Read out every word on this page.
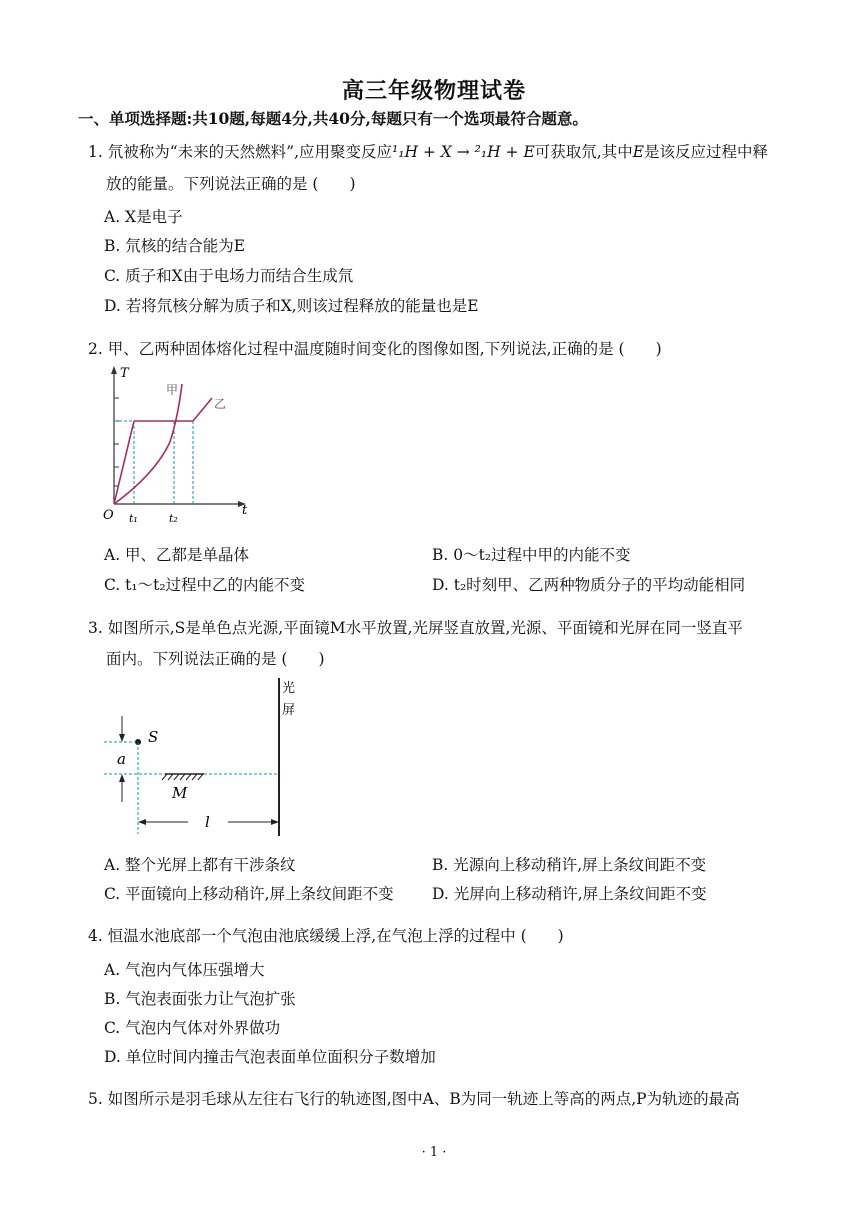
高三年级物理试卷
一、单项选择题:共10题,每题4分,共40分,每题只有一个选项最符合题意。
1. 氘被称为“未来的天然燃料”,应用聚变反应¹₁H + X → ²₁H + E可获取氘,其中E是该反应过程中释
放的能量。下列说法正确的是 (　　)
A. X是电子
B. 氘核的结合能为E
C. 质子和X由于电场力而结合生成氘
D. 若将氘核分解为质子和X,则该过程释放的能量也是E
2. 甲、乙两种固体熔化过程中温度随时间变化的图像如图,下列说法,正确的是 (　　)
T
t
O
甲
乙
t₁	t₂
A. 甲、乙都是单晶体	B. 0～t₂过程中甲的内能不变
C. t₁～t₂过程中乙的内能不变	D. t₂时刻甲、乙两种物质分子的平均动能相同
3. 如图所示,S是单色点光源,平面镜M水平放置,光屏竖直放置,光源、平面镜和光屏在同一竖直平
面内。下列说法正确的是 (　　)
光
屏
S
M
a
l
A. 整个光屏上都有干涉条纹	B. 光源向上移动稍许,屏上条纹间距不变
C. 平面镜向上移动稍许,屏上条纹间距不变 D. 光屏向上移动稍许,屏上条纹间距不变
4. 恒温水池底部一个气泡由池底缓缓上浮,在气泡上浮的过程中 (　　)
A. 气泡内气体压强增大
B. 气泡表面张力让气泡扩张
C. 气泡内气体对外界做功
D. 单位时间内撞击气泡表面单位面积分子数增加
5. 如图所示是羽毛球从左往右飞行的轨迹图,图中A、B为同一轨迹上等高的两点,P为轨迹的最高
· 1 ·
